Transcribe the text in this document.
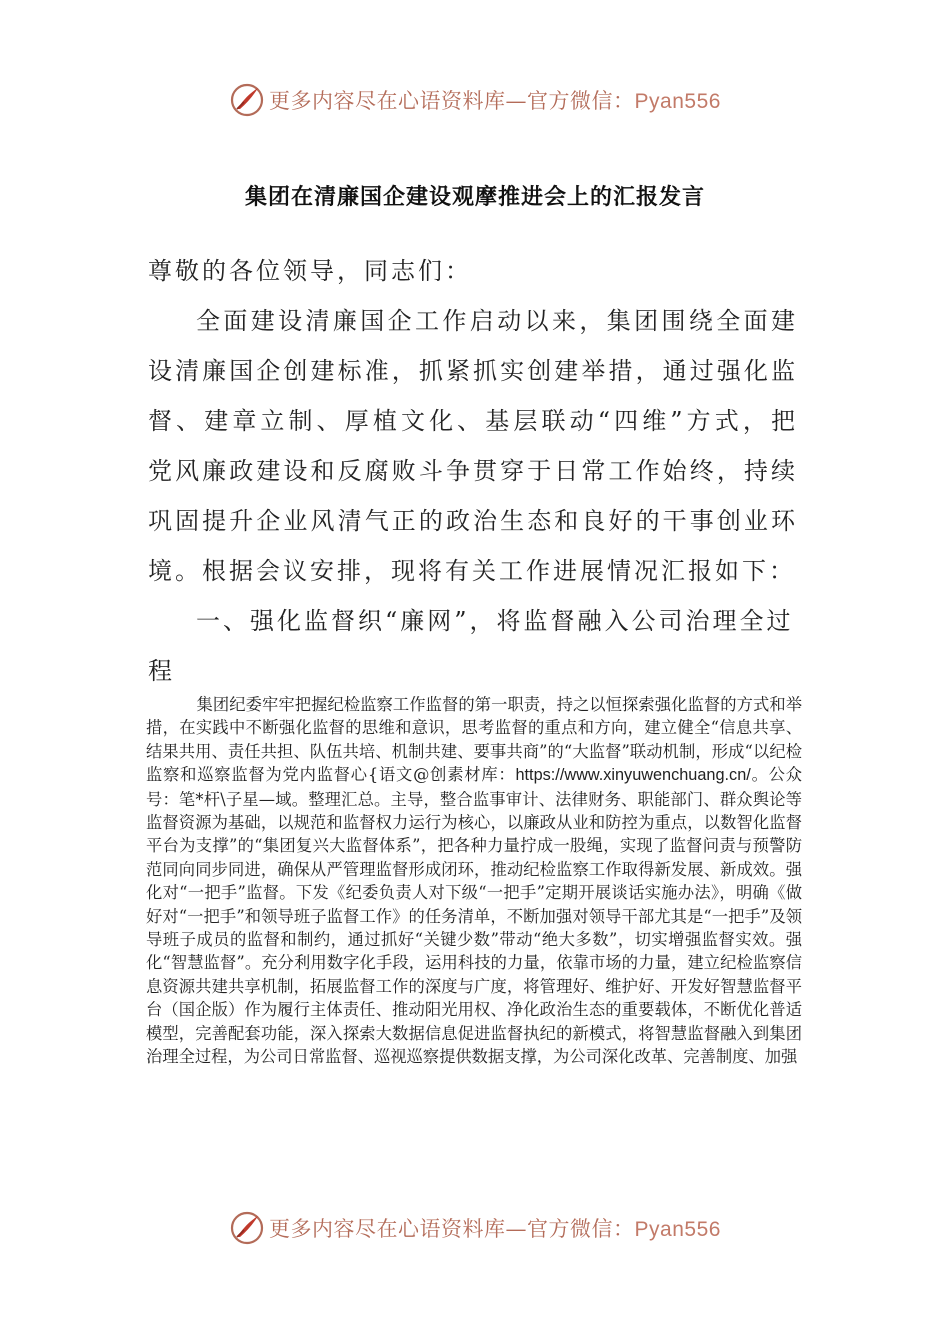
更多内容尽在心语资料库—官方微信：Pyan556
集团在清廉国企建设观摩推进会上的汇报发言

尊敬的各位领导，同志们：

全面建设清廉国企工作启动以来，集团围绕全面建设清廉国企创建标准，抓紧抓实创建举措，通过强化监督、建章立制、厚植文化、基层联动“四维”方式，把党风廉政建设和反腐败斗争贯穿于日常工作始终，持续巩固提升企业风清气正的政治生态和良好的干事创业环境。根据会议安排，现将有关工作进展情况汇报如下：

一、强化监督织“廉网”，将监督融入公司治理全过程

集团纪委牢牢把握纪检监察工作监督的第一职责，持之以恒探索强化监督的方式和举措，在实践中不断强化监督的思维和意识，思考监督的重点和方向，建立健全“信息共享、结果共用、责任共担、队伍共培、机制共建、要事共商”的“大监督”联动机制，形成“以纪检监察和巡察监督为党内监督心{语文@创素材库：https://www.xinyuwenchuang.cn/。公众号：笔*杆\子星—域。整理汇总。主导，整合监事审计、法律财务、职能部门、群众舆论等监督资源为基础，以规范和监督权力运行为核心，以廉政从业和防控为重点，以数智化监督平台为支撑”的“集团复兴大监督体系”，把各种力量拧成一股绳，实现了监督问责与预警防范同向同步同进，确保从严管理监督形成闭环，推动纪检监察工作取得新发展、新成效。强化对“一把手”监督。下发《纪委负责人对下级“一把手”定期开展谈话实施办法》，明确《做好对“一把手”和领导班子监督工作》的任务清单，不断加强对领导干部尤其是“一把手”及领导班子成员的监督和制约，通过抓好“关键少数”带动“绝大多数”，切实增强监督实效。强化“智慧监督”。充分利用数字化手段，运用科技的力量，依靠市场的力量，建立纪检监察信息资源共建共享机制，拓展监督工作的深度与广度，将管理好、维护好、开发好智慧监督平台（国企版）作为履行主体责任、推动阳光用权、净化政治生态的重要载体，不断优化普适模型，完善配套功能，深入探索大数据信息促进监督执纪的新模式，将智慧监督融入到集团治理全过程，为公司日常监督、巡视巡察提供数据支撑，为公司深化改革、完善制度、加强

更多内容尽在心语资料库—官方微信：Pyan556
